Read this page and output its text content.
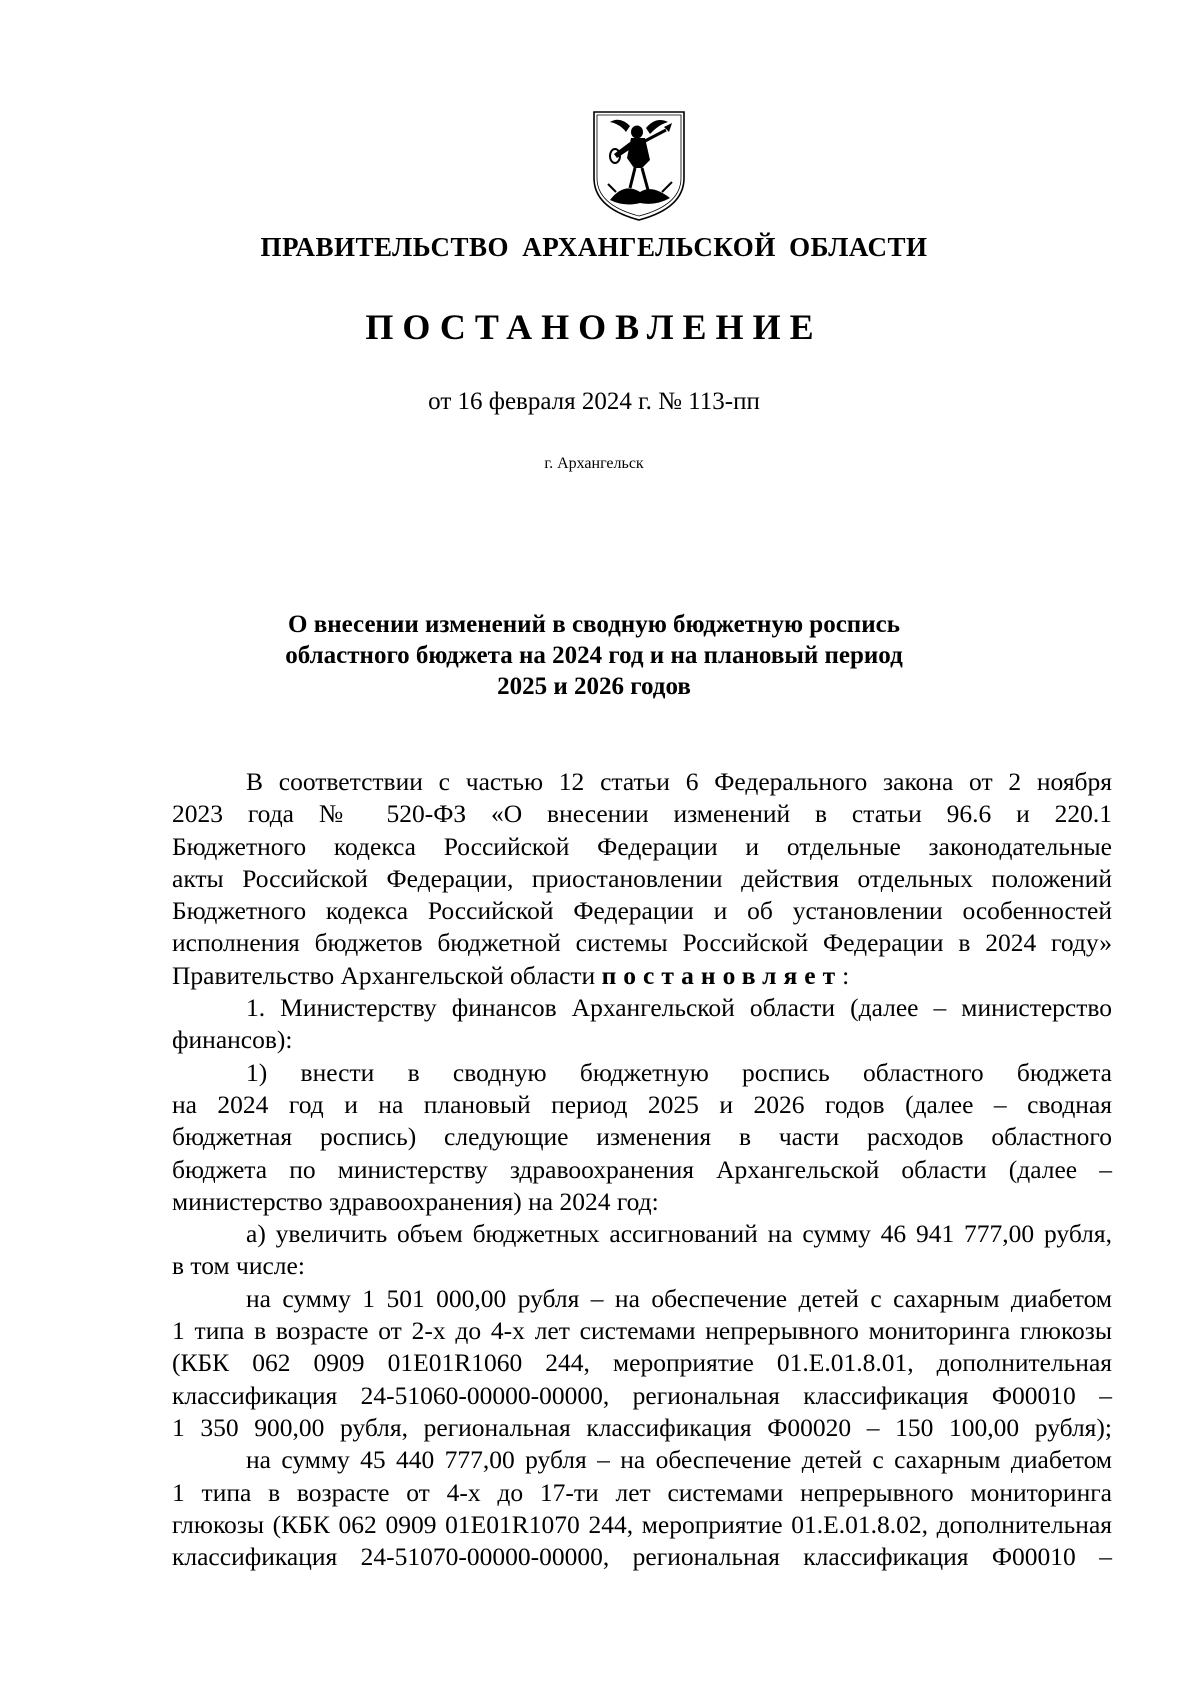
ПРАВИТЕЛЬСТВО АРХАНГЕЛЬСКОЙ ОБЛАСТИ
ПОСТАНОВЛЕНИЕ
от 16 февраля 2024 г. № 113-пп
г. Архангельск
О внесении изменений в сводную бюджетную роспись
областного бюджета на 2024 год и на плановый период
2025 и 2026 годов
В соответствии с частью 12 статьи 6 Федерального закона от 2 ноября
2023 года № 520-ФЗ «О внесении изменений в статьи 96.6 и 220.1
Бюджетного кодекса Российской Федерации и отдельные законодательные
акты Российской Федерации, приостановлении действия отдельных положений
Бюджетного кодекса Российской Федерации и об установлении особенностей
исполнения бюджетов бюджетной системы Российской Федерации в 2024 году»
Правительство Архангельской области постановляет:
1. Министерству финансов Архангельской области (далее – министерство
финансов):
1) внести в сводную бюджетную роспись областного бюджета
на 2024 год и на плановый период 2025 и 2026 годов (далее – сводная
бюджетная роспись) следующие изменения в части расходов областного
бюджета по министерству здравоохранения Архангельской области (далее –
министерство здравоохранения) на 2024 год:
а) увеличить объем бюджетных ассигнований на сумму 46 941 777,00 рубля,
в том числе:
на сумму 1 501 000,00 рубля – на обеспечение детей с сахарным диабетом
1 типа в возрасте от 2-х до 4-х лет системами непрерывного мониторинга глюкозы
(КБК 062 0909 01Е01R1060 244, мероприятие 01.Е.01.8.01, дополнительная
классификация 24-51060-00000-00000, региональная классификация Ф00010 –
1 350 900,00 рубля, региональная классификация Ф00020 – 150 100,00 рубля);
на сумму 45 440 777,00 рубля – на обеспечение детей с сахарным диабетом
1 типа в возрасте от 4-х до 17-ти лет системами непрерывного мониторинга
глюкозы (КБК 062 0909 01Е01R1070 244, мероприятие 01.Е.01.8.02, дополнительная
классификация 24-51070-00000-00000, региональная классификация Ф00010 –
